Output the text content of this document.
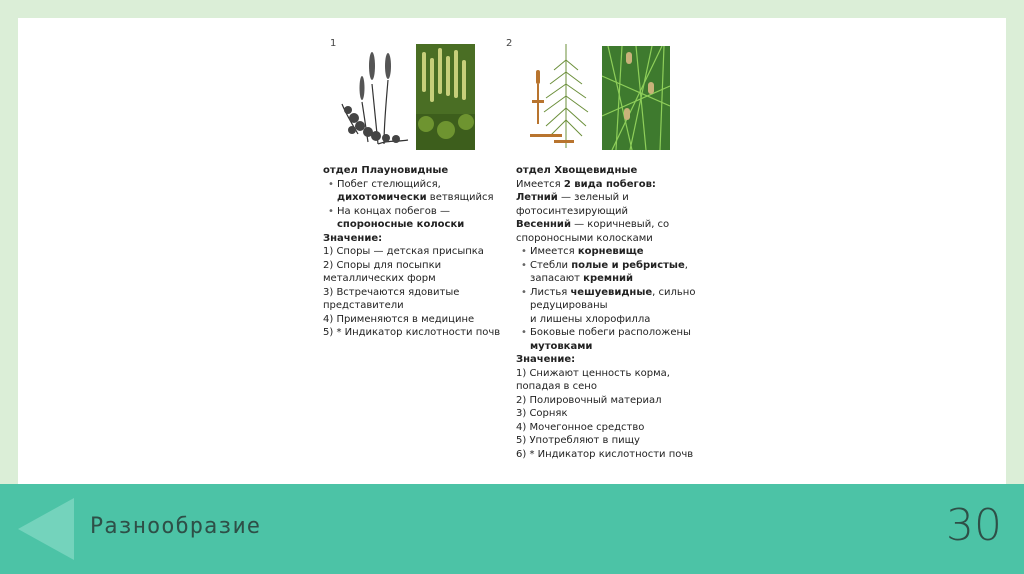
1	2
отдел Плауновидные
• Побег стелющийся,
дихотомически ветвящийся
• На концах побегов —
спороносные колоски
Значение:
1) Споры — детская присыпка
2) Споры для посыпки
металлических форм
3) Встречаются ядовитые
представители
4) Применяются в медицине
5) * Индикатор кислотности почв
отдел Хвощевидные
Имеется 2 вида побегов:
Летний — зеленый и
фотосинтезирующий
Весенний — коричневый, со
спороносными колосками
• Имеется корневище
• Стебли полые и ребристые,
запасают кремний
• Листья чешуевидные, сильно
редуцированы
и лишены хлорофилла
• Боковые побеги расположены
мутовками
Значение:
1) Снижают ценность корма,
попадая в сено
2) Полировочный материал
3) Сорняк
4) Мочегонное средство
5) Употребляют в пищу
6) * Индикатор кислотности почв
Разнообразие	30
